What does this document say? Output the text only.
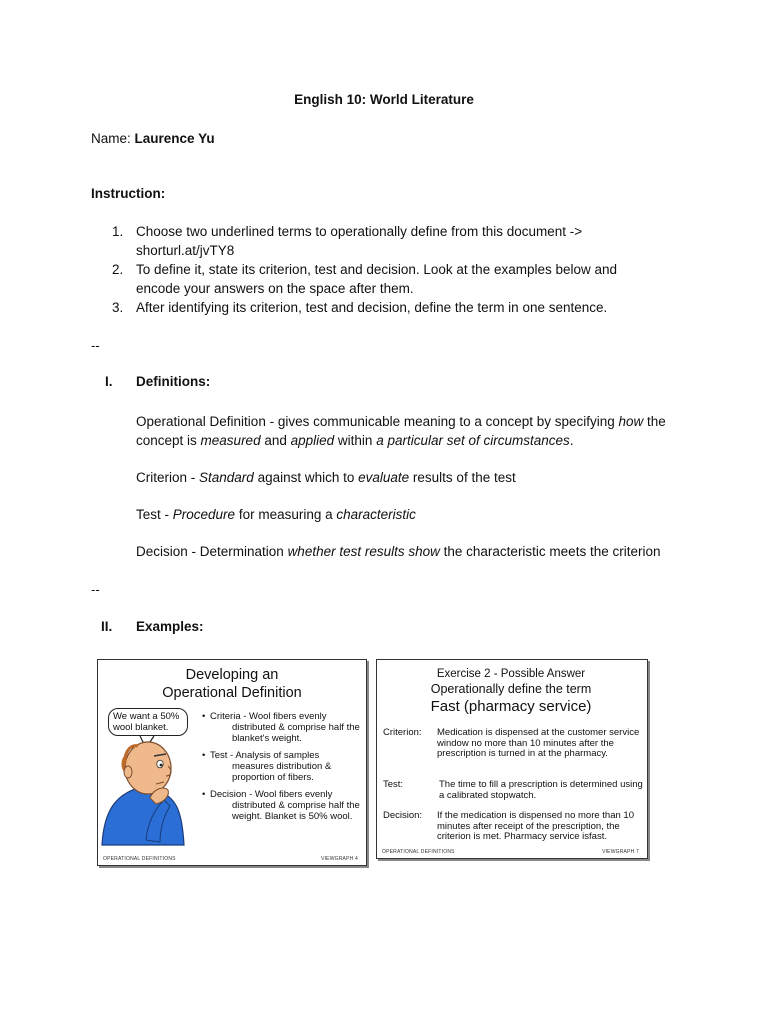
English 10: World Literature
Name: Laurence Yu
Instruction:
1. Choose two underlined terms to operationally define from this document -> shorturl.at/jvTY8
2. To define it, state its criterion, test and decision. Look at the examples below and encode your answers on the space after them.
3. After identifying its criterion, test and decision, define the term in one sentence.
--
I. Definitions:
Operational Definition - gives communicable meaning to a concept by specifying how the concept is measured and applied within a particular set of circumstances.
Criterion - Standard against which to evaluate results of the test
Test - Procedure for measuring a characteristic
Decision - Determination whether test results show the characteristic meets the criterion
--
II. Examples:
Developing an
Operational Definition
We want a 50% wool blanket.
• Criteria - Wool fibers evenly
distributed & comprise half the blanket's weight.
• Test - Analysis of samples
measures distribution & proportion of fibers.
• Decision - Wool fibers evenly
distributed & comprise half the weight. Blanket is 50% wool.
OPERATIONAL DEFINITIONS	VIEWGRAPH 4
Exercise 2 - Possible Answer
Operationally define the term
Fast (pharmacy service)
Criterion: Medication is dispensed at the customer service window no more than 10 minutes after the prescription is turned in at the pharmacy.
Test:	The time to fill a prescription is determined using a calibrated stopwatch.
Decision: If the medication is dispensed no more than 10 minutes after receipt of the prescription, the criterion is met. Pharmacy service isfast.
OPERATIONAL DEFINITIONS	VIEWGRAPH 7
